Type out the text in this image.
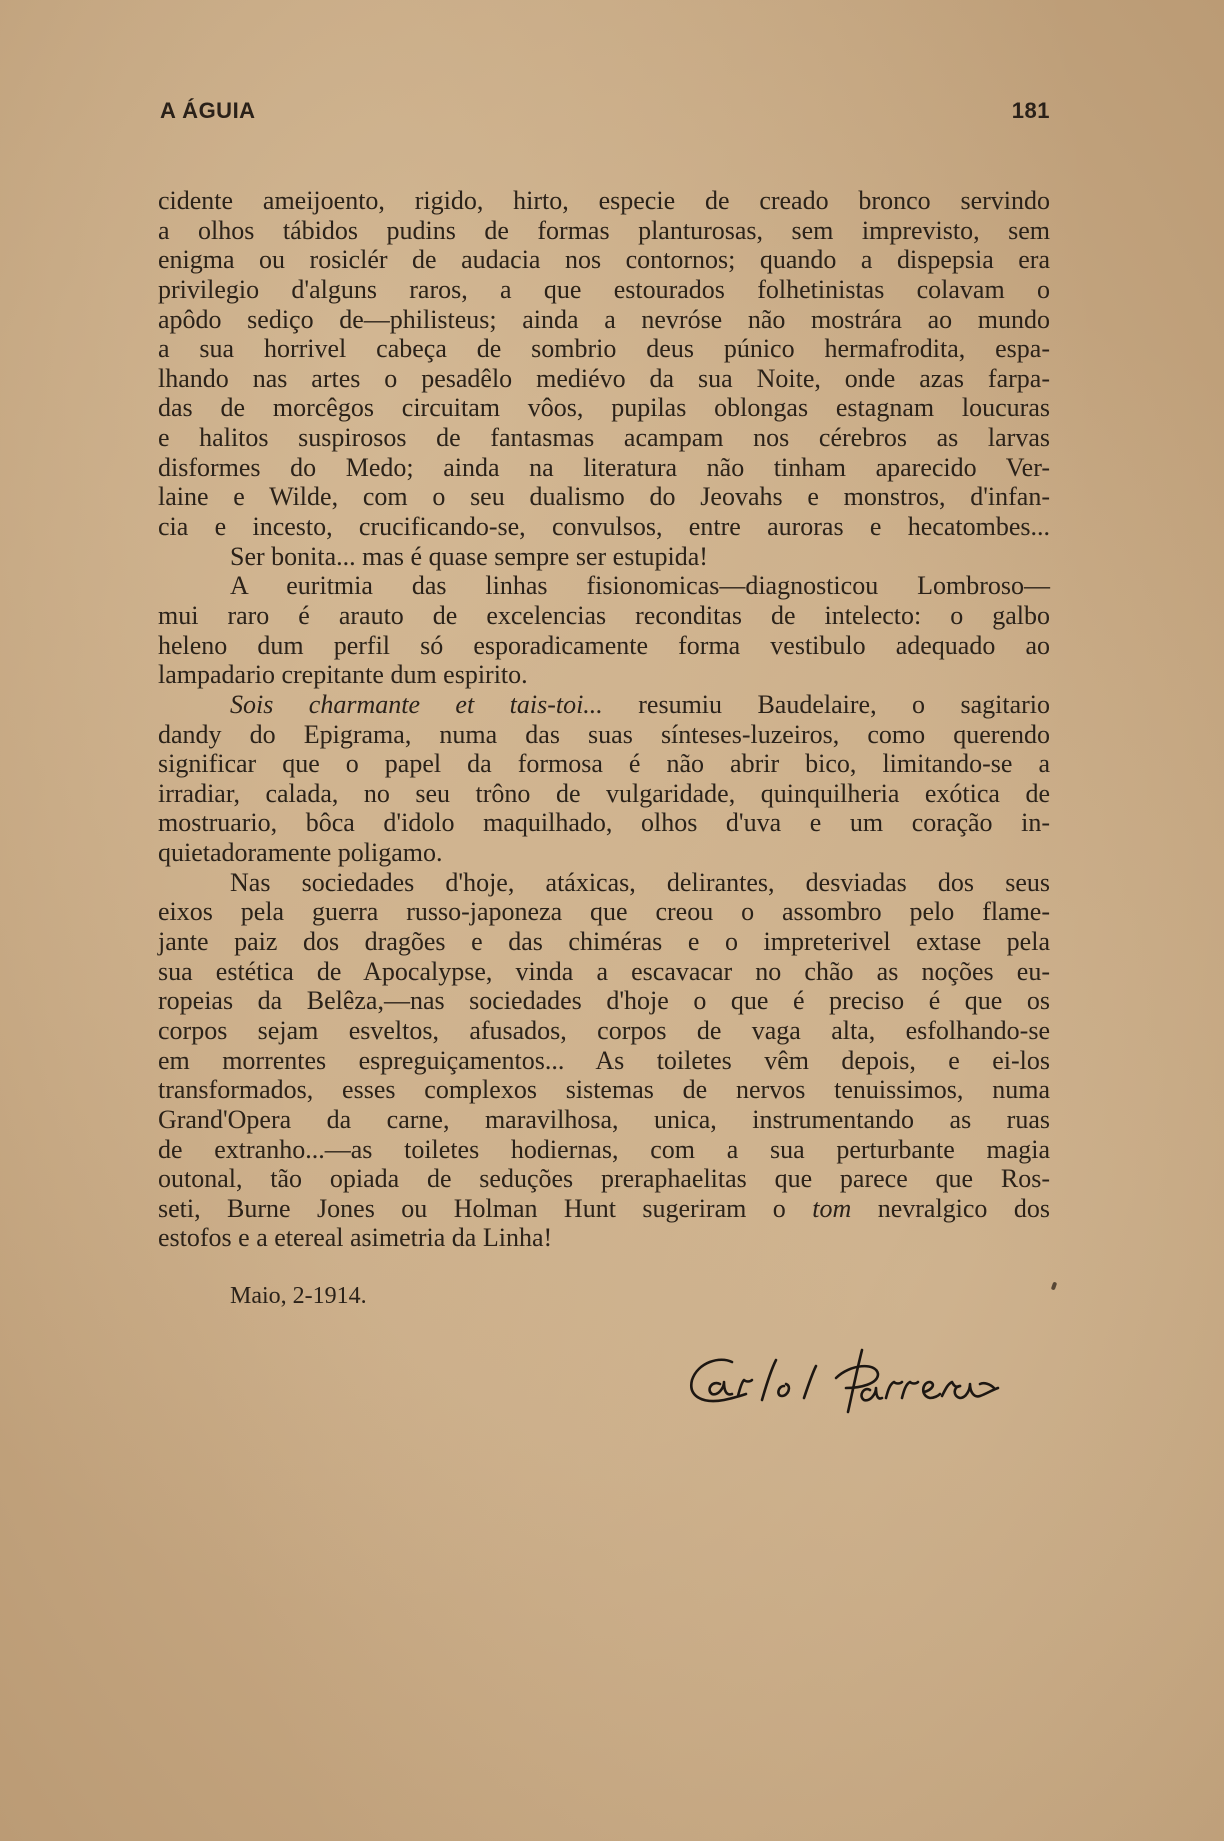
A ÁGUIA	181
cidente ameijoento, rigido, hirto, especie de creado bronco servindo
a olhos tábidos pudins de formas planturosas, sem imprevisto, sem
enigma ou rosiclér de audacia nos contornos; quando a dispepsia era
privilegio d'alguns raros, a que estourados folhetinistas colavam o
apôdo sediço de—philisteus; ainda a nevróse não mostrára ao mundo
a sua horrivel cabeça de sombrio deus púnico hermafrodita, espa-
lhando nas artes o pesadêlo mediévo da sua Noite, onde azas farpa-
das de morcêgos circuitam vôos, pupilas oblongas estagnam loucuras
e halitos suspirosos de fantasmas acampam nos cérebros as larvas
disformes do Medo; ainda na literatura não tinham aparecido Ver-
laine e Wilde, com o seu dualismo do Jeovahs e monstros, d'infan-
cia e incesto, crucificando-se, convulsos, entre auroras e hecatombes...
Ser bonita... mas é quase sempre ser estupida!
A euritmia das linhas fisionomicas—diagnosticou Lombroso—
mui raro é arauto de excelencias reconditas de intelecto: o galbo
heleno dum perfil só esporadicamente forma vestibulo adequado ao
lampadario crepitante dum espirito.
Sois charmante et tais-toi... resumiu Baudelaire, o sagitario
dandy do Epigrama, numa das suas sínteses-luzeiros, como querendo
significar que o papel da formosa é não abrir bico, limitando-se a
irradiar, calada, no seu trôno de vulgaridade, quinquilheria exótica de
mostruario, bôca d'idolo maquilhado, olhos d'uva e um coração in-
quietadoramente poligamo.
Nas sociedades d'hoje, atáxicas, delirantes, desviadas dos seus
eixos pela guerra russo-japoneza que creou o assombro pelo flame-
jante paiz dos dragões e das chiméras e o impreterivel extase pela
sua estética de Apocalypse, vinda a escavacar no chão as noções eu-
ropeias da Belêza,—nas sociedades d'hoje o que é preciso é que os
corpos sejam esveltos, afusados, corpos de vaga alta, esfolhando-se
em morrentes espreguiçamentos... As toiletes vêm depois, e ei-los
transformados, esses complexos sistemas de nervos tenuissimos, numa
Grand'Opera da carne, maravilhosa, unica, instrumentando as ruas
de extranho...—as toiletes hodiernas, com a sua perturbante magia
outonal, tão opiada de seduções preraphaelitas que parece que Ros-
seti, Burne Jones ou Holman Hunt sugeriram o tom nevralgico dos
estofos e a etereal asimetria da Linha!
Maio, 2-1914.
